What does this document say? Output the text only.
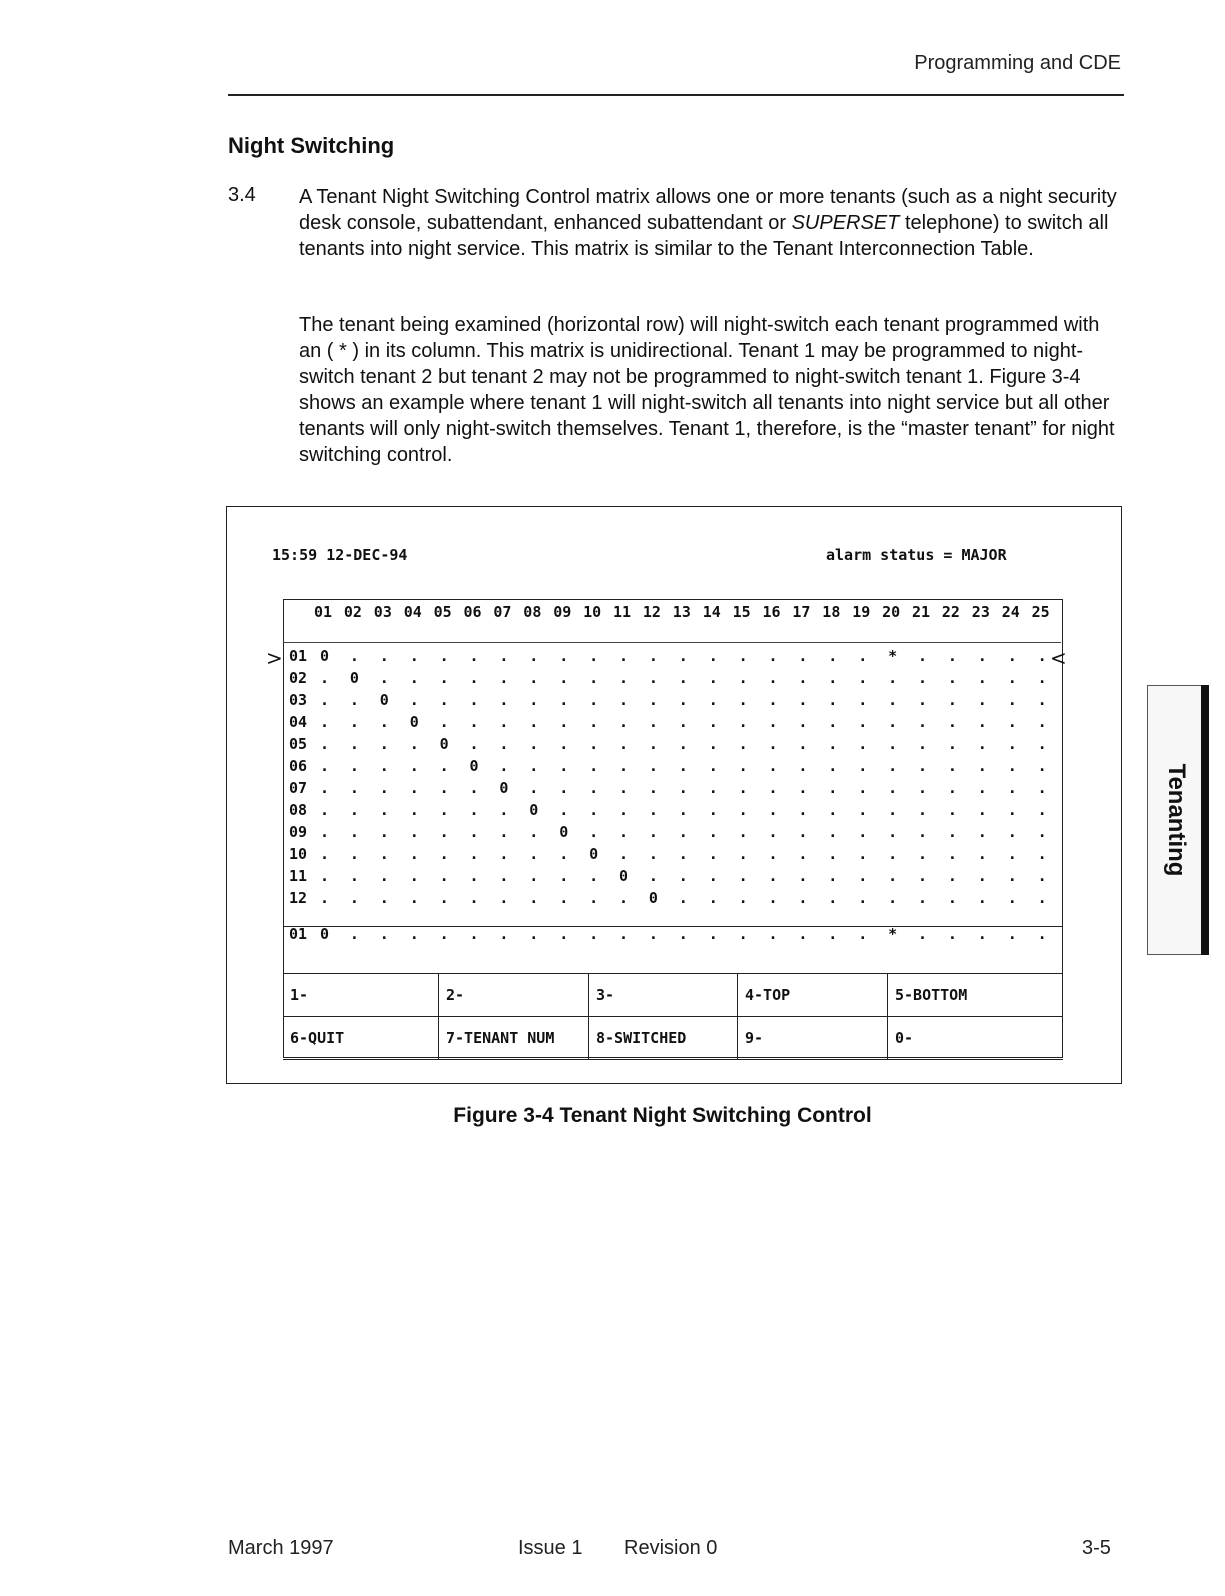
Programming and CDE
Night Switching
3.4 A Tenant Night Switching Control matrix allows one or more tenants (such as a night security desk console, subattendant, enhanced subattendant or SUPERSET telephone) to switch all tenants into night service. This matrix is similar to the Tenant Interconnection Table.

The tenant being examined (horizontal row) will night-switch each tenant programmed with an ( * ) in its column. This matrix is unidirectional. Tenant 1 may be programmed to night-switch tenant 2 but tenant 2 may not be programmed to night-switch tenant 1. Figure 3-4 shows an example where tenant 1 will night-switch all tenants into night service but all other tenants will only night-switch themselves. Tenant 1, therefore, is the “master tenant” for night switching control.

15:59 12-DEC-94	alarm status = MAJOR
01 02 03 04 05 06 07 08 09 10 11 12 13 14 15 16 17 18 19 20 21 22 23 24 25
01 0 . . . . . . . . . . . . . . . . . . * . . . . .
02 . 0 . . . . . . . . . . . . . . . . . . . . . . .
03 . . 0 . . . . . . . . . . . . . . . . . . . . . .
04 . . . 0 . . . . . . . . . . . . . . . . . . . . .
05 . . . . 0 . . . . . . . . . . . . . . . . . . . .
06 . . . . . 0 . . . . . . . . . . . . . . . . . . .
07 . . . . . . 0 . . . . . . . . . . . . . . . . . .
08 . . . . . . . 0 . . . . . . . . . . . . . . . . .
09 . . . . . . . . 0 . . . . . . . . . . . . . . . .
10 . . . . . . . . . 0 . . . . . . . . . . . . . . .
11 . . . . . . . . . . 0 . . . . . . . . . . . . . .
12 . . . . . . . . . . . 0 . . . . . . . . . . . . .
01 0 . . . . . . . . . . . . . . . . . . * . . . . .
>	<
1-	2-	3-	4-TOP	5-BOTTOM
6-QUIT	7-TENANT NUM	8-SWITCHED	9-	0-
Figure 3-4 Tenant Night Switching Control
Tenanting
March 1997	Issue 1 Revision 0	3-5
